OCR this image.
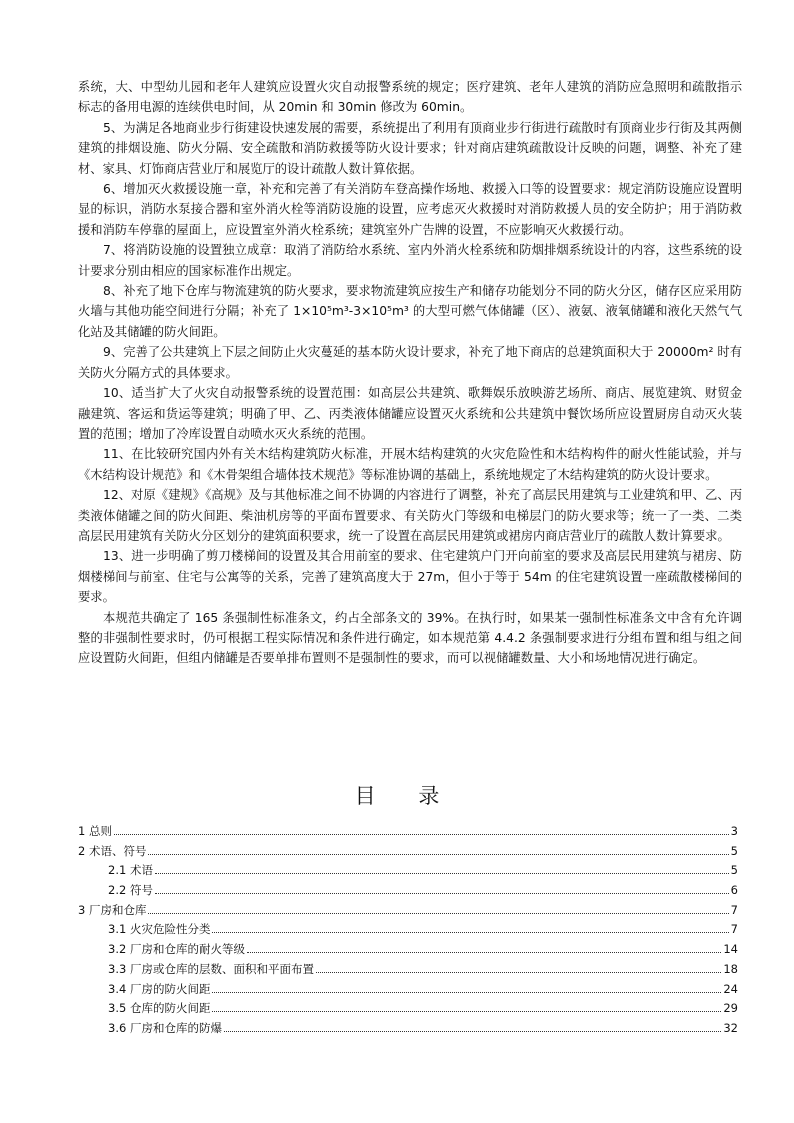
系统，大、中型幼儿园和老年人建筑应设置火灾自动报警系统的规定；医疗建筑、老年人建筑的消防应急照明和疏散指示标志的备用电源的连续供电时间，从 20min 和 30min 修改为 60min。

5、为满足各地商业步行街建设快速发展的需要，系统提出了利用有顶商业步行街进行疏散时有顶商业步行街及其两侧建筑的排烟设施、防火分隔、安全疏散和消防救援等防火设计要求；针对商店建筑疏散设计反映的问题，调整、补充了建材、家具、灯饰商店营业厅和展览厅的设计疏散人数计算依据。

6、增加灭火救援设施一章，补充和完善了有关消防车登高操作场地、救援入口等的设置要求：规定消防设施应设置明显的标识，消防水泵接合器和室外消火栓等消防设施的设置，应考虑灭火救援时对消防救援人员的安全防护；用于消防救援和消防车停靠的屋面上，应设置室外消火栓系统；建筑室外广告牌的设置，不应影响灭火救援行动。

7、将消防设施的设置独立成章：取消了消防给水系统、室内外消火栓系统和防烟排烟系统设计的内容，这些系统的设计要求分别由相应的国家标准作出规定。

8、补充了地下仓库与物流建筑的防火要求，要求物流建筑应按生产和储存功能划分不同的防火分区，储存区应采用防火墙与其他功能空间进行分隔；补充了 1×10⁵m³-3×10⁵m³ 的大型可燃气体储罐（区）、液氨、液氧储罐和液化天然气气化站及其储罐的防火间距。

9、完善了公共建筑上下层之间防止火灾蔓延的基本防火设计要求，补充了地下商店的总建筑面积大于 20000m² 时有关防火分隔方式的具体要求。

10、适当扩大了火灾自动报警系统的设置范围：如高层公共建筑、歌舞娱乐放映游艺场所、商店、展览建筑、财贸金融建筑、客运和货运等建筑；明确了甲、乙、丙类液体储罐应设置灭火系统和公共建筑中餐饮场所应设置厨房自动灭火装置的范围；增加了冷库设置自动喷水灭火系统的范围。

11、在比较研究国内外有关木结构建筑防火标准，开展木结构建筑的火灾危险性和木结构构件的耐火性能试验，并与《木结构设计规范》和《木骨架组合墙体技术规范》等标准协调的基础上，系统地规定了木结构建筑的防火设计要求。

12、对原《建规》《高规》及与其他标准之间不协调的内容进行了调整，补充了高层民用建筑与工业建筑和甲、乙、丙类液体储罐之间的防火间距、柴油机房等的平面布置要求、有关防火门等级和电梯层门的防火要求等；统一了一类、二类高层民用建筑有关防火分区划分的建筑面积要求，统一了设置在高层民用建筑或裙房内商店营业厅的疏散人数计算要求。

13、进一步明确了剪刀楼梯间的设置及其合用前室的要求、住宅建筑户门开向前室的要求及高层民用建筑与裙房、防烟楼梯间与前室、住宅与公寓等的关系，完善了建筑高度大于 27m，但小于等于 54m 的住宅建筑设置一座疏散楼梯间的要求。

本规范共确定了 165 条强制性标准条文，约占全部条文的 39%。在执行时，如果某一强制性标准条文中含有允许调整的非强制性要求时，仍可根据工程实际情况和条件进行确定，如本规范第 4.4.2 条强制要求进行分组布置和组与组之间应设置防火间距，但组内储罐是否要单排布置则不是强制性的要求，而可以视储罐数量、大小和场地情况进行确定。

目 录
1 总则	3
2 术语、符号	5
2.1 术语	5
2.2 符号	6
3 厂房和仓库	7
3.1 火灾危险性分类	7
3.2 厂房和仓库的耐火等级	14
3.3 厂房或仓库的层数、面积和平面布置	18
3.4 厂房的防火间距	24
3.5 仓库的防火间距	29
3.6 厂房和仓库的防爆	32
